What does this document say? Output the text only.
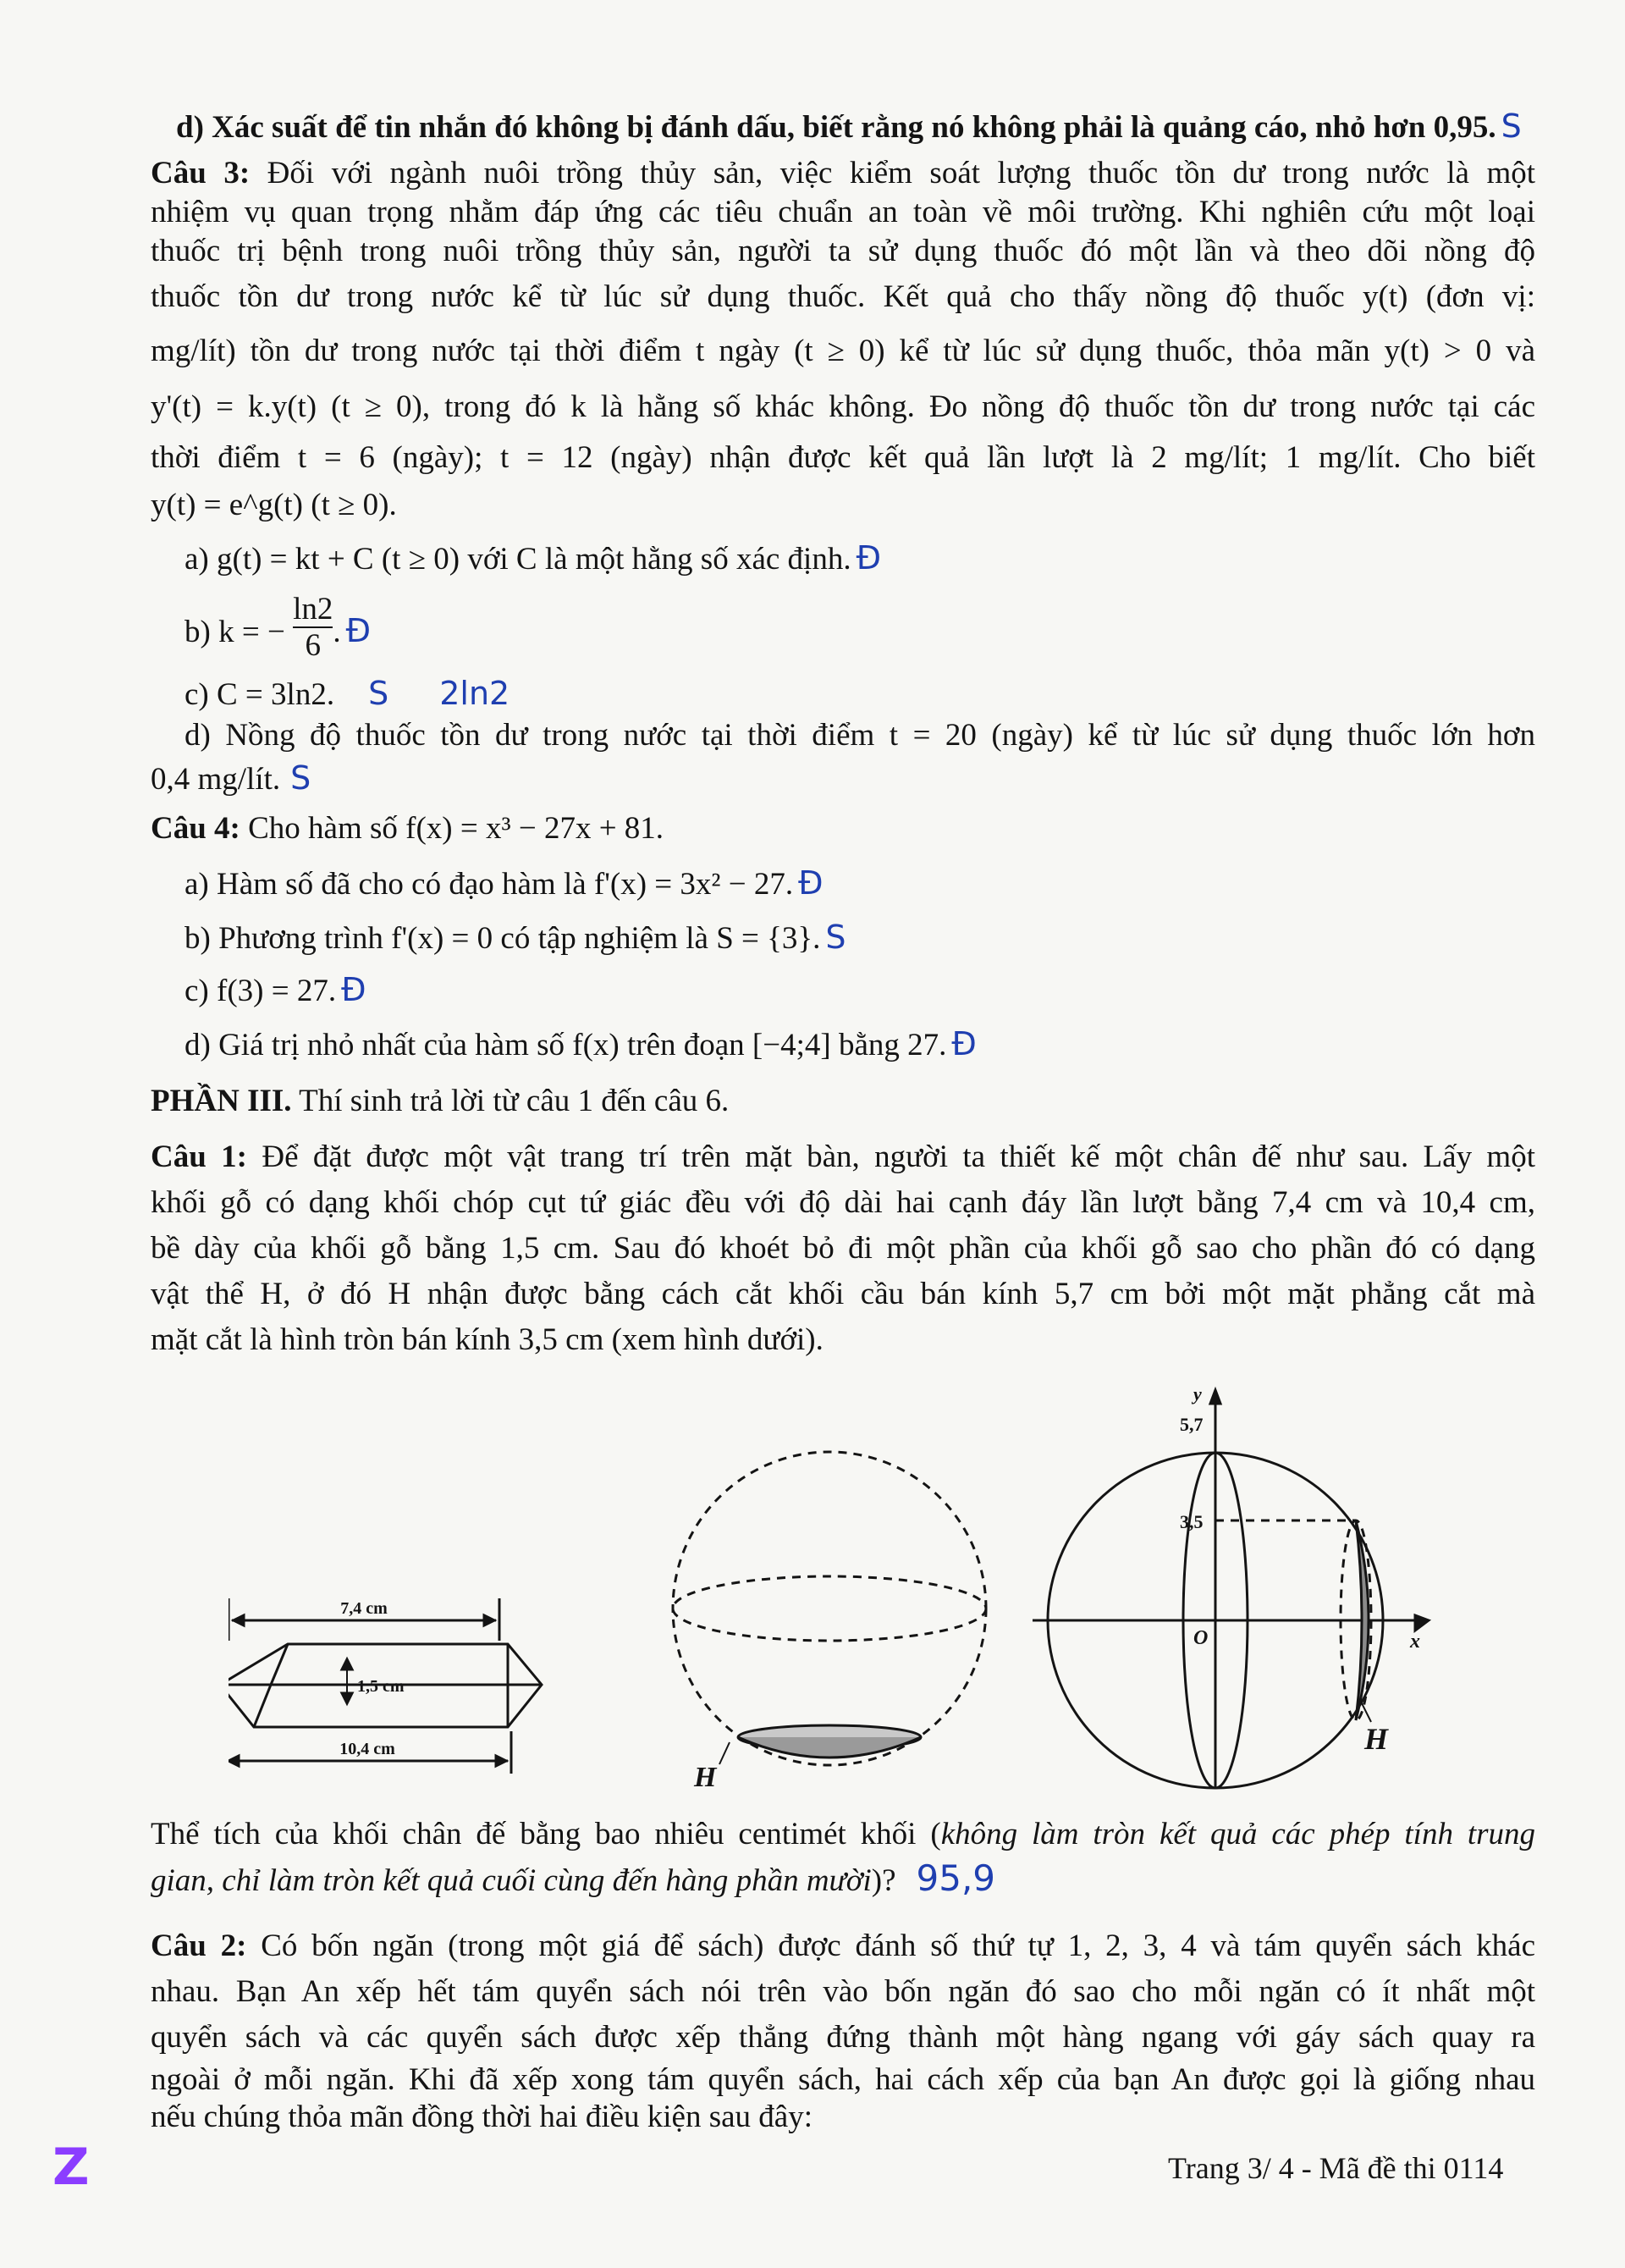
d) Xác suất để tin nhắn đó không bị đánh dấu, biết rằng nó không phải là quảng cáo, nhỏ hơn 0,95. S
Câu 3: Đối với ngành nuôi trồng thủy sản, việc kiểm soát lượng thuốc tồn dư trong nước là một
nhiệm vụ quan trọng nhằm đáp ứng các tiêu chuẩn an toàn về môi trường. Khi nghiên cứu một loại
thuốc trị bệnh trong nuôi trồng thủy sản, người ta sử dụng thuốc đó một lần và theo dõi nồng độ
thuốc tồn dư trong nước kể từ lúc sử dụng thuốc. Kết quả cho thấy nồng độ thuốc y(t) (đơn vị:
mg/lít) tồn dư trong nước tại thời điểm t ngày (t ≥ 0) kể từ lúc sử dụng thuốc, thỏa mãn y(t) > 0 và
y'(t) = k.y(t) (t ≥ 0), trong đó k là hằng số khác không. Đo nồng độ thuốc tồn dư trong nước tại các
thời điểm t = 6 (ngày); t = 12 (ngày) nhận được kết quả lần lượt là 2 mg/lít; 1 mg/lít. Cho biết
y(t) = e^g(t) (t ≥ 0).
a) g(t) = kt + C (t ≥ 0) với C là một hằng số xác định. Đ
b) k = − $\frac{\ln 2}{6}$ . Đ
c) C = 3ln2. S 2ln2
d) Nồng độ thuốc tồn dư trong nước tại thời điểm t = 20 (ngày) kể từ lúc sử dụng thuốc lớn hơn
0,4 mg/lít. S
Câu 4: Cho hàm số f(x) = x³ − 27x + 81.
a) Hàm số đã cho có đạo hàm là f'(x) = 3x² − 27. Đ
b) Phương trình f'(x) = 0 có tập nghiệm là S = {3}. S
c) f(3) = 27. Đ
d) Giá trị nhỏ nhất của hàm số f(x) trên đoạn [−4;4] bằng 27. Đ
PHẦN III. Thí sinh trả lời từ câu 1 đến câu 6.
Câu 1: Để đặt được một vật trang trí trên mặt bàn, người ta thiết kế một chân đế như sau. Lấy một
khối gỗ có dạng khối chóp cụt tứ giác đều với độ dài hai cạnh đáy lần lượt bằng 7,4 cm và 10,4 cm,
bề dày của khối gỗ bằng 1,5 cm. Sau đó khoét bỏ đi một phần của khối gỗ sao cho phần đó có dạng
vật thể H, ở đó H nhận được bằng cách cắt khối cầu bán kính 5,7 cm bởi một mặt phẳng cắt mà
mặt cắt là hình tròn bán kính 3,5 cm (xem hình dưới).
7,4 cm
1,5 cm
10,4 cm
H
y
5,7
3,5
O	x
H
Thể tích của khối chân đế bằng bao nhiêu centimét khối (không làm tròn kết quả các phép tính trung
gian, chỉ làm tròn kết quả cuối cùng đến hàng phần mười)? 95,9
Câu 2: Có bốn ngăn (trong một giá để sách) được đánh số thứ tự 1, 2, 3, 4 và tám quyển sách khác
nhau. Bạn An xếp hết tám quyển sách nói trên vào bốn ngăn đó sao cho mỗi ngăn có ít nhất một
quyển sách và các quyển sách được xếp thẳng đứng thành một hàng ngang với gáy sách quay ra
ngoài ở mỗi ngăn. Khi đã xếp xong tám quyển sách, hai cách xếp của bạn An được gọi là giống nhau
nếu chúng thỏa mãn đồng thời hai điều kiện sau đây:
Trang 3/ 4 - Mã đề thi 0114
Z
